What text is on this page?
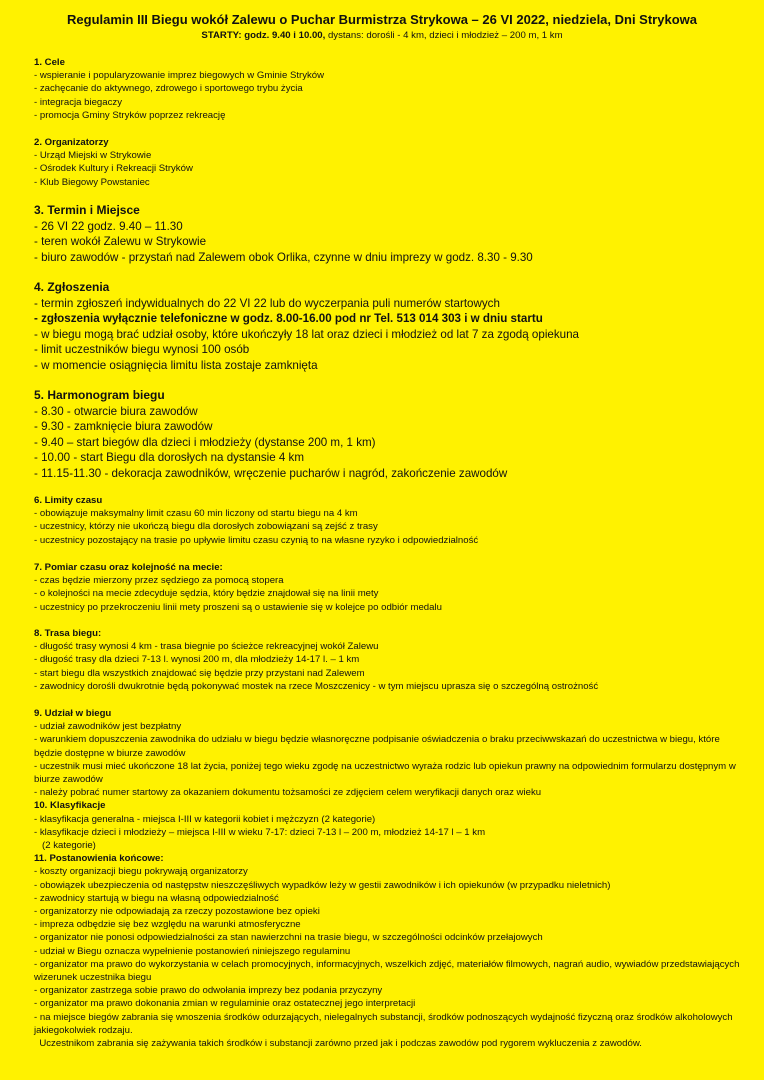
Regulamin III Biegu wokół Zalewu o Puchar Burmistrza Strykowa – 26 VI 2022, niedziela, Dni Strykowa
STARTY: godz. 9.40 i 10.00, dystans: dorośli - 4 km, dzieci i młodzież – 200 m, 1 km
1. Cele
- wspieranie i popularyzowanie imprez biegowych w Gminie Stryków
- zachęcanie do aktywnego, zdrowego i sportowego trybu życia
- integracja biegaczy
- promocja Gminy Stryków poprzez rekreację
2. Organizatorzy
- Urząd Miejski w Strykowie
- Ośrodek Kultury i Rekreacji Stryków
- Klub Biegowy Powstaniec
3. Termin i Miejsce
- 26 VI 22 godz. 9.40 – 11.30
- teren wokół Zalewu w Strykowie
- biuro zawodów - przystań nad Zalewem obok Orlika, czynne w dniu imprezy w godz. 8.30 - 9.30
4. Zgłoszenia
- termin zgłoszeń indywidualnych do 22 VI 22 lub do wyczerpania puli numerów startowych
- zgłoszenia wyłącznie telefoniczne w godz. 8.00-16.00 pod nr Tel. 513 014 303 i w dniu startu
- w biegu mogą brać udział osoby, które ukończyły 18 lat oraz dzieci i młodzież od lat 7 za zgodą opiekuna
- limit uczestników biegu wynosi 100 osób
- w momencie osiągnięcia limitu lista zostaje zamknięta
5. Harmonogram biegu
- 8.30 - otwarcie biura zawodów
- 9.30 - zamknięcie biura zawodów
- 9.40 – start biegów dla dzieci i młodzieży (dystanse 200 m, 1 km)
- 10.00 - start Biegu dla dorosłych na dystansie 4 km
- 11.15-11.30 - dekoracja zawodników, wręczenie pucharów i nagród, zakończenie zawodów
6. Limity czasu
- obowiązuje maksymalny limit czasu 60 min liczony od startu biegu na 4 km
- uczestnicy, którzy nie ukończą biegu dla dorosłych zobowiązani są zejść z trasy
- uczestnicy pozostający na trasie po upływie limitu czasu czynią to na własne ryzyko i odpowiedzialność
7. Pomiar czasu oraz kolejność na mecie:
- czas będzie mierzony przez sędziego za pomocą stopera
- o kolejności na mecie zdecyduje sędzia, który będzie znajdował się na linii mety
- uczestnicy po przekroczeniu linii mety proszeni są o ustawienie się w kolejce po odbiór medalu
8. Trasa biegu:
- długość trasy wynosi 4 km - trasa biegnie po ścieżce rekreacyjnej wokół Zalewu
- długość trasy dla dzieci 7-13 l. wynosi 200 m, dla młodzieży 14-17 l. – 1 km
- start biegu dla wszystkich znajdować się będzie przy przystani nad Zalewem
- zawodnicy dorośli dwukrotnie będą pokonywać mostek na rzece Moszczenicy - w tym miejscu uprasza się o szczególną ostrożność
9. Udział w biegu
- udział zawodników jest bezpłatny
- warunkiem dopuszczenia zawodnika do udziału w biegu będzie własnoręczne podpisanie oświadczenia o braku przeciwwskazań do uczestnictwa w biegu, które będzie dostępne w biurze zawodów
- uczestnik musi mieć ukończone 18 lat życia, poniżej tego wieku zgodę na uczestnictwo wyraża rodzic lub opiekun prawny na odpowiednim formularzu dostępnym w biurze zawodów
- należy pobrać numer startowy za okazaniem dokumentu tożsamości ze zdjęciem celem weryfikacji danych oraz wieku
10. Klasyfikacje
- klasyfikacja generalna - miejsca I-III w kategorii kobiet i mężczyzn (2 kategorie)
- klasyfikacje dzieci i młodzieży – miejsca I-III w wieku 7-17: dzieci 7-13 l – 200 m, młodzież 14-17 l – 1 km
(2 kategorie)
11. Postanowienia końcowe:
- koszty organizacji biegu pokrywają organizatorzy
- obowiązek ubezpieczenia od następstw nieszczęśliwych wypadków leży w gestii zawodników i ich opiekunów (w przypadku nieletnich)
- zawodnicy startują w biegu na własną odpowiedzialność
- organizatorzy nie odpowiadają za rzeczy pozostawione bez opieki
- impreza odbędzie się bez względu na warunki atmosferyczne
- organizator nie ponosi odpowiedzialności za stan nawierzchni na trasie biegu, w szczególności odcinków przełajowych
- udział w Biegu oznacza wypełnienie postanowień niniejszego regulaminu
- organizator ma prawo do wykorzystania w celach promocyjnych, informacyjnych, wszelkich zdjęć, materiałów filmowych, nagrań audio, wywiadów przedstawiających wizerunek uczestnika biegu
- organizator zastrzega sobie prawo do odwołania imprezy bez podania przyczyny
- organizator ma prawo dokonania zmian w regulaminie oraz ostatecznej jego interpretacji
- na miejsce biegów zabrania się wnoszenia środków odurzających, nielegalnych substancji, środków podnoszących wydajność fizyczną oraz środków alkoholowych jakiegokolwiek rodzaju.
Uczestnikom zabrania się zażywania takich środków i substancji zarówno przed jak i podczas zawodów pod rygorem wykluczenia z zawodów.
